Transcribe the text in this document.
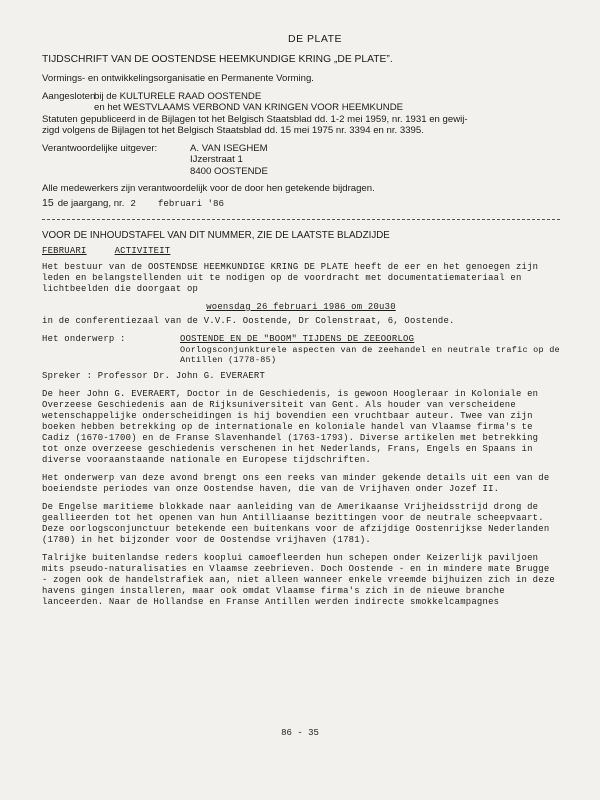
DE PLATE
TIJDSCHRIFT VAN DE OOSTENDSE HEEMKUNDIGE KRING „DE PLATE”.
Vormings- en ontwikkelingsorganisatie en Permanente Vorming.
Aangesloten
bij de KULTURELE RAAD OOSTENDE
en het WESTVLAAMS VERBOND VAN KRINGEN VOOR HEEMKUNDE
Statuten gepubliceerd in de Bijlagen tot het Belgisch Staatsblad dd. 1-2 mei 1959, nr. 1931 en gewij-
zigd volgens de Bijlagen tot het Belgisch Staatsblad dd. 15 mei 1975 nr. 3394 en nr. 3395.
Verantwoordelijke uitgever:	A. VAN ISEGHEM
IJzerstraat 1
8400 OOSTENDE
Alle medewerkers zijn verantwoordelijk voor de door hen getekende bijdragen.
15 de jaargang, nr. 2 februari '86
VOOR DE INHOUDSTAFEL VAN DIT NUMMER, ZIE DE LAATSTE BLADZIJDE
FEBRUARI	ACTIVITEIT

Het bestuur van de OOSTENDSE HEEMKUNDIGE KRING DE PLATE heeft de eer en het genoegen zijn leden en belangstellenden uit te nodigen op de voordracht met documentatiemateriaal en lichtbeelden die doorgaat op

woensdag 26 februari 1986 om 20u30

in de conferentiezaal van de V.V.F. Oostende, Dr Colenstraat, 6, Oostende.

Het onderwerp :	OOSTENDE EN DE "BOOM" TIJDENS DE ZEEOORLOG
Oorlogsconjunkturele aspecten van de zeehandel en neutrale trafic op de Antillen (1778-85)

Spreker : Professor Dr. John G. EVERAERT

De heer John G. EVERAERT, Doctor in de Geschiedenis, is gewoon Hoogleraar in Koloniale en Overzeese Geschiedenis aan de Rijksuniversiteit van Gent. Als houder van verscheidene wetenschappelijke onderscheidingen is hij bovendien een vruchtbaar auteur. Twee van zijn boeken hebben betrekking op de internationale en koloniale handel van Vlaamse firma's te Cadiz (1670-1700) en de Franse Slavenhandel (1763-1793). Diverse artikelen met betrekking tot onze overzeese geschiedenis verschenen in het Nederlands, Frans, Engels en Spaans in diverse vooraanstaande nationale en Europese tijdschriften.

Het onderwerp van deze avond brengt ons een reeks van minder gekende details uit een van de boeiendste periodes van onze Oostendse haven, die van de Vrijhaven onder Jozef II.

De Engelse maritieme blokkade naar aanleiding van de Amerikaanse Vrijheidsstrijd drong de geallieerden tot het openen van hun Antilliaanse bezittingen voor de neutrale scheepvaart. Deze oorlogsconjunctuur betekende een buitenkans voor de afzijdige Oostenrijkse Nederlanden (1780) in het bijzonder voor de Oostendse vrijhaven (1781).

Talrijke buitenlandse reders kooplui camoefleerden hun schepen onder Keizerlijk paviljoen mits pseudo-naturalisaties en Vlaamse zeebrieven. Doch Oostende - en in mindere mate Brugge - zogen ook de handelstrafiek aan, niet alleen wanneer enkele vreemde bijhuizen zich in deze havens gingen installeren, maar ook omdat Vlaamse firma's zich in de nieuwe branche lanceerden. Naar de Hollandse en Franse Antillen werden indirecte smokkelcampagnes

86 - 35
